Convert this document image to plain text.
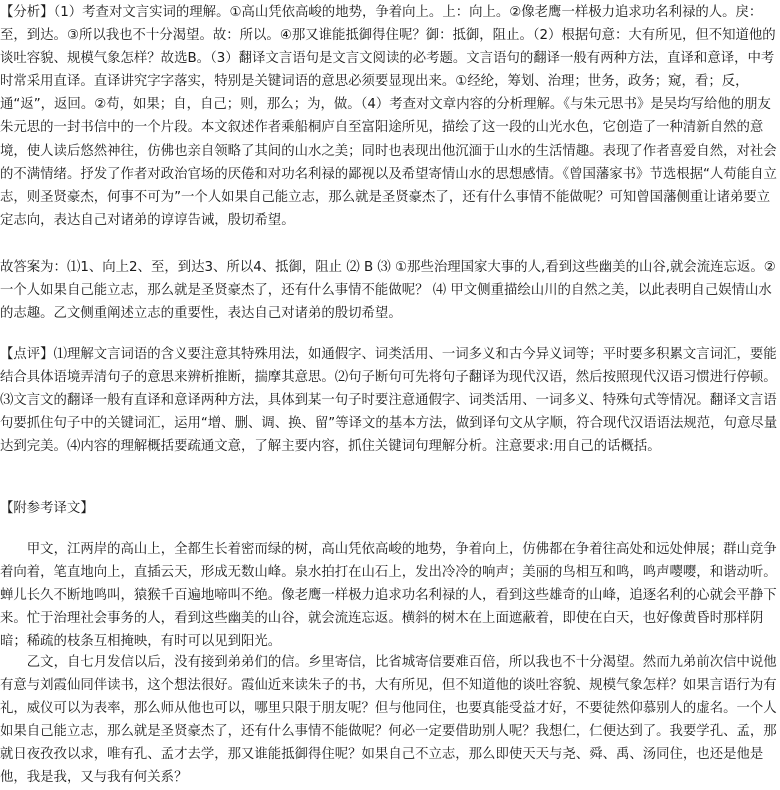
【分析】（1）考查对文言实词的理解。①高山凭依高峻的地势，争着向上。上：向上。②像老鹰一样极力追求功名利禄的人。戾：至，到达。③所以我也不十分渴望。故：所以。④那又谁能抵御得住呢？御：抵御，阻止。（2）根据句意：大有所见，但不知道他的谈吐容貌、规模气象怎样？故选B。（3）翻译文言语句是文言文阅读的必考题。文言语句的翻译一般有两种方法，直译和意译，中考时常采用直译。直译讲究字字落实，特别是关键词语的意思必须要显现出来。①经纶，筹划、治理；世务，政务；窥，看；反，通“返”，返回。②苟，如果；自，自己；则，那么；为，做。（4）考查对文章内容的分析理解。《与朱元思书》是吴均写给他的朋友朱元思的一封书信中的一个片段。本文叙述作者乘船桐庐自至富阳途所见，描绘了这一段的山光水色，它创造了一种清新自然的意境，使人读后悠然神往，仿佛也亲自领略了其间的山水之美；同时也表现出他沉湎于山水的生活情趣。表现了作者喜爱自然，对社会的不满情绪。抒发了作者对政治官场的厌倦和对功名利禄的鄙视以及希望寄情山水的思想感情。《曾国藩家书》节选根据“人苟能自立志，则圣贤豪杰，何事不可为”一个人如果自己能立志，那么就是圣贤豪杰了，还有什么事情不能做呢？可知曾国藩侧重让诸弟要立定志向，表达自己对诸弟的谆谆告诫，殷切希望。

故答案为：⑴1、向上2、至，到达3、所以4、抵御，阻止 ⑵ B ⑶ ①那些治理国家大事的人,看到这些幽美的山谷,就会流连忘返。②一个人如果自己能立志，那么就是圣贤豪杰了，还有什么事情不能做呢？ ⑷ 甲文侧重描绘山川的自然之美，以此表明自己娱情山水的志趣。乙文侧重阐述立志的重要性，表达自己对诸弟的殷切希望。

【点评】⑴理解文言词语的含义要注意其特殊用法，如通假字、词类活用、一词多义和古今异义词等；平时要多积累文言词汇，要能结合具体语境弄清句子的意思来辨析推断，揣摩其意思。⑵句子断句可先将句子翻译为现代汉语，然后按照现代汉语习惯进行停顿。⑶文言文的翻译一般有直译和意译两种方法，具体到某一句子时要注意通假字、词类活用、一词多义、特殊句式等情况。翻译文言语句要抓住句子中的关键词汇，运用“增、删、调、换、留”等译文的基本方法，做到译句文从字顺，符合现代汉语语法规范，句意尽量达到完美。⑷内容的理解概括要疏通文意，了解主要内容，抓住关键词句理解分析。注意要求:用自己的话概括。

【附参考译文】

甲文，江两岸的高山上，全都生长着密而绿的树，高山凭依高峻的地势，争着向上，仿佛都在争着往高处和远处伸展；群山竞争着向着，笔直地向上，直插云天，形成无数山峰。泉水拍打在山石上，发出冷冷的响声；美丽的鸟相互和鸣，鸣声嘤嘤，和谐动听。蝉儿长久不断地鸣叫，猿猴千百遍地啼叫不绝。像老鹰一样极力追求功名利禄的人，看到这些雄奇的山峰，追逐名利的心就会平静下来。忙于治理社会事务的人，看到这些幽美的山谷，就会流连忘返。横斜的树木在上面遮蔽着，即使在白天，也好像黄昏时那样阴暗；稀疏的枝条互相掩映，有时可以见到阳光。

乙文，自七月发信以后，没有接到弟弟们的信。乡里寄信，比省城寄信要难百倍，所以我也不十分渴望。然而九弟前次信中说他有意与刘霞仙同伴读书，这个想法很好。霞仙近来读朱子的书，大有所见，但不知道他的谈吐容貌、规模气象怎样？如果言语行为有礼，威仪可以为表率，那么师从他也可以，哪里只限于朋友呢？但与他同住，也要真能受益才好，不要徒然仰慕别人的虚名。一个人如果自己能立志，那么就是圣贤豪杰了，还有什么事情不能做呢？何必一定要借助别人呢？我想仁，仁便达到了。我要学孔、孟，那就日夜孜孜以求，唯有孔、孟才去学，那又谁能抵御得住呢？如果自己不立志，那么即使天天与尧、舜、禹、汤同住，也还是他是他，我是我，又与我有何关系？
